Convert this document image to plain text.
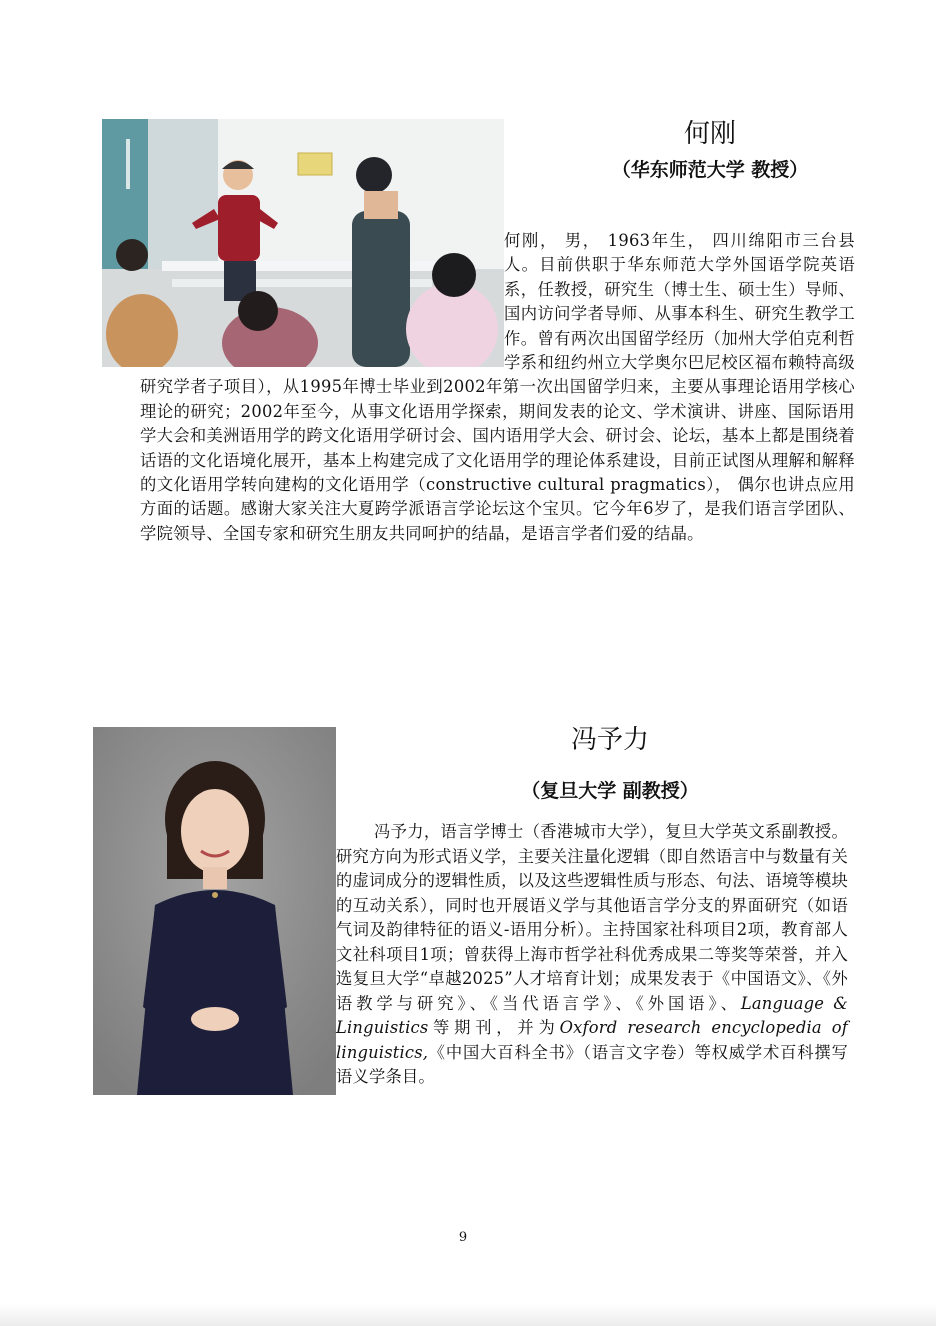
何刚
（华东师范大学 教授）

何刚， 男， 1963年生， 四川绵阳市三台县人。目前供职于华东师范大学外国语学院英语系，任教授，研究生（博士生、硕士生）导师、国内访问学者导师、从事本科生、研究生教学工作。曾有两次出国留学经历（加州大学伯克利哲学系和纽约州立大学奥尔巴尼校区福布赖特高级研究学者子项目），从1995年博士毕业到2002年第一次出国留学归来，主要从事理论语用学核心理论的研究；2002年至今，从事文化语用学探索，期间发表的论文、学术演讲、讲座、国际语用学大会和美洲语用学的跨文化语用学研讨会、国内语用学大会、研讨会、论坛，基本上都是围绕着话语的文化语境化展开，基本上构建完成了文化语用学的理论体系建设，目前正试图从理解和解释的文化语用学转向建构的文化语用学（constructive cultural pragmatics）， 偶尔也讲点应用方面的话题。感谢大家关注大夏跨学派语言学论坛这个宝贝。它今年6岁了，是我们语言学团队、学院领导、全国专家和研究生朋友共同呵护的结晶，是语言学者们爱的结晶。

冯予力
（复旦大学 副教授）

冯予力，语言学博士（香港城市大学），复旦大学英文系副教授。研究方向为形式语义学，主要关注量化逻辑（即自然语言中与数量有关的虚词成分的逻辑性质，以及这些逻辑性质与形态、句法、语境等模块的互动关系），同时也开展语义学与其他语言学分支的界面研究（如语气词及韵律特征的语义-语用分析）。主持国家社科项目2项，教育部人文社科项目1项；曾获得上海市哲学社科优秀成果二等奖等荣誉，并入选复旦大学“卓越2025”人才培育计划；成果发表于《中国语文》、《外语教学与研究》、《当代语言学》、《外国语》、Language & Linguistics等期刊，并为Oxford research encyclopedia of linguistics,《中国大百科全书》（语言文字卷）等权威学术百科撰写语义学条目。

9
